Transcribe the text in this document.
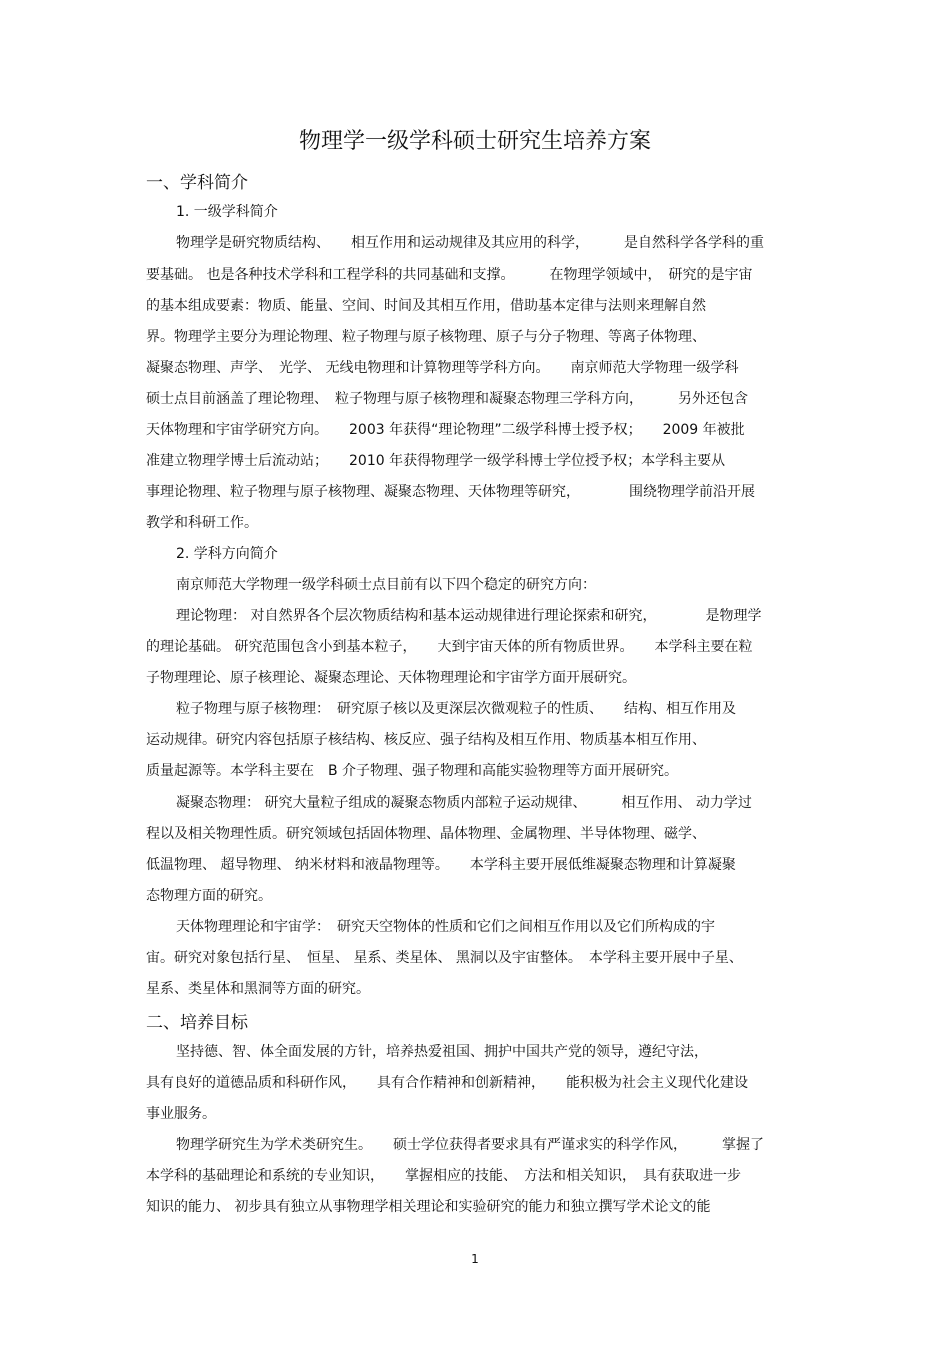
物理学一级学科硕士研究生培养方案
一、学科简介
1. 一级学科简介
物理学是研究物质结构、　　相互作用和运动规律及其应用的科学，　　　是自然科学各学科的重
要基础。 也是各种技术学科和工程学科的共同基础和支撑。　　　在物理学领域中，　研究的是宇宙
的基本组成要素：物质、能量、空间、时间及其相互作用，借助基本定律与法则来理解自然
界。物理学主要分为理论物理、粒子物理与原子核物理、原子与分子物理、等离子体物理、
凝聚态物理、声学、　光学、 无线电物理和计算物理等学科方向。　　南京师范大学物理一级学科
硕士点目前涵盖了理论物理、　粒子物理与原子核物理和凝聚态物理三学科方向，　　　另外还包含
天体物理和宇宙学研究方向。　　2003 年获得“理论物理”二级学科博士授予权；　　2009 年被批
准建立物理学博士后流动站；　　2010 年获得物理学一级学科博士学位授予权；本学科主要从
事理论物理、粒子物理与原子核物理、凝聚态物理、天体物理等研究，　　　　围绕物理学前沿开展
教学和科研工作。
2. 学科方向简介
南京师范大学物理一级学科硕士点目前有以下四个稳定的研究方向：
理论物理： 对自然界各个层次物质结构和基本运动规律进行理论探索和研究，　　　　是物理学
的理论基础。 研究范围包含小到基本粒子，　　大到宇宙天体的所有物质世界。　　本学科主要在粒
子物理理论、原子核理论、凝聚态理论、天体物理理论和宇宙学方面开展研究。
粒子物理与原子核物理：　研究原子核以及更深层次微观粒子的性质、　　结构、相互作用及
运动规律。研究内容包括原子核结构、核反应、强子结构及相互作用、物质基本相互作用、
质量起源等。本学科主要在　B 介子物理、强子物理和高能实验物理等方面开展研究。
凝聚态物理： 研究大量粒子组成的凝聚态物质内部粒子运动规律、　　　相互作用、 动力学过
程以及相关物理性质。研究领域包括固体物理、晶体物理、金属物理、半导体物理、磁学、
低温物理、 超导物理、 纳米材料和液晶物理等。　　本学科主要开展低维凝聚态物理和计算凝聚
态物理方面的研究。
天体物理理论和宇宙学：　研究天空物体的性质和它们之间相互作用以及它们所构成的宇
宙。研究对象包括行星、　恒星、 星系、类星体、 黑洞以及宇宙整体。　本学科主要开展中子星、
星系、类星体和黑洞等方面的研究。
二、培养目标
坚持德、智、体全面发展的方针，培养热爱祖国、拥护中国共产党的领导，遵纪守法，
具有良好的道德品质和科研作风，　　具有合作精神和创新精神，　　能积极为社会主义现代化建设
事业服务。
物理学研究生为学术类研究生。　　硕士学位获得者要求具有严谨求实的科学作风，　　　掌握了
本学科的基础理论和系统的专业知识，　　掌握相应的技能、　方法和相关知识，　具有获取进一步
知识的能力、 初步具有独立从事物理学相关理论和实验研究的能力和独立撰写学术论文的能
1
